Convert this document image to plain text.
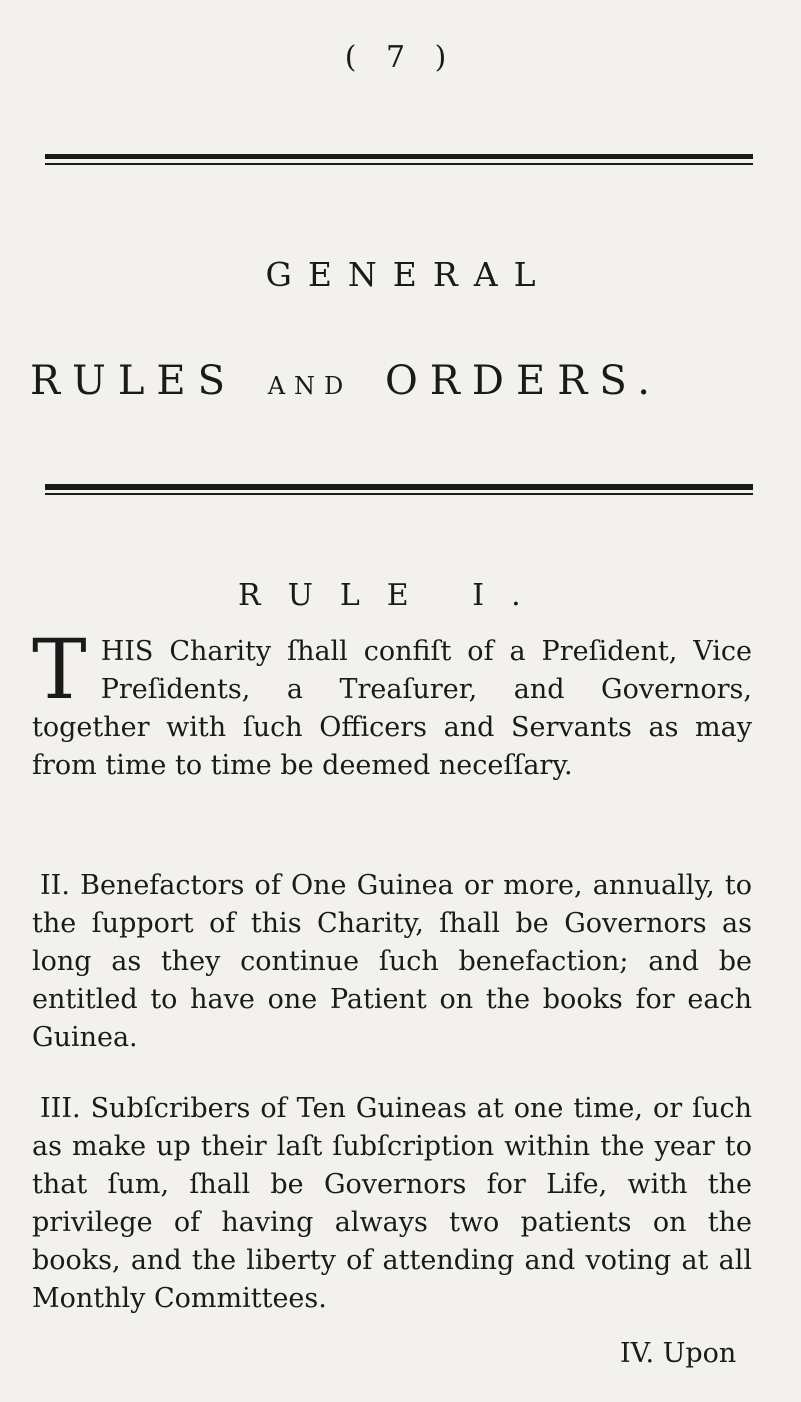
( 7 )
GENERAL
RULES AND ORDERS.
RULE I.
THIS Charity ſhall confiſt of a Preſident, Vice Preſidents, a Treaſurer, and Governors, together with ſuch Officers and Servants as may from time to time be deemed neceſſary.
II. Benefactors of One Guinea or more, annually, to the ſupport of this Charity, ſhall be Governors as long as they continue ſuch benefaction; and be entitled to have one Patient on the books for each Guinea.
III. Subſcribers of Ten Guineas at one time, or ſuch as make up their laſt ſubſcription within the year to that ſum, ſhall be Governors for Life, with the privilege of having always two patients on the books, and the liberty of attending and voting at all Monthly Committees.
IV. Upon
